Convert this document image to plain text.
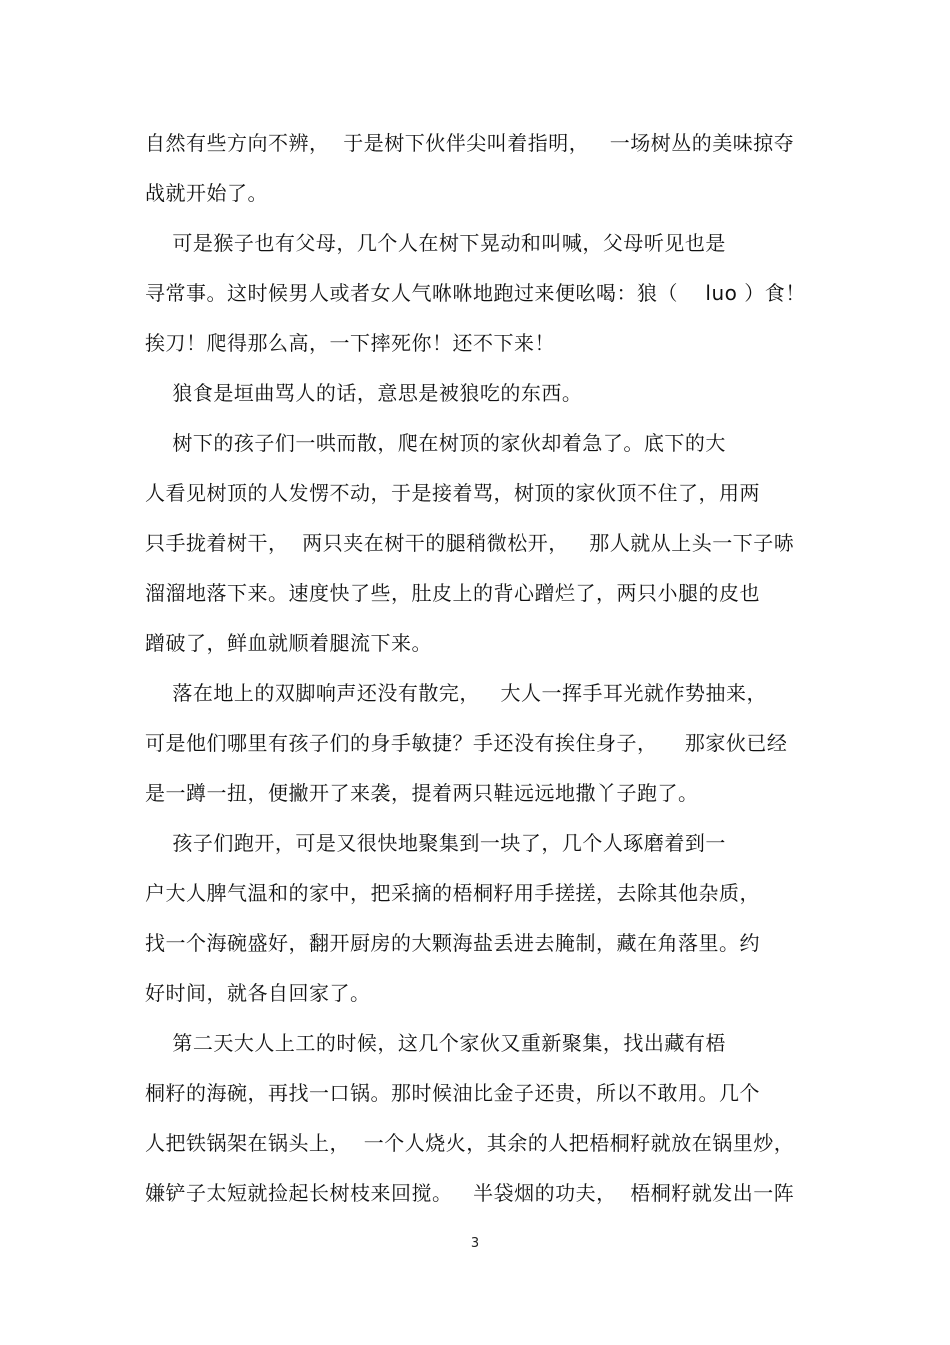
自然有些方向不辨，  于是树下伙伴尖叫着指明，   一场树丛的美味掠夺
战就开始了。
可是猴子也有父母，几个人在树下晃动和叫喊，父母听见也是
寻常事。这时候男人或者女人气咻咻地跑过来便吆喝：狼（    luo ）食！
挨刀！爬得那么高，一下摔死你！还不下来！
狼食是垣曲骂人的话，意思是被狼吃的东西。
树下的孩子们一哄而散，爬在树顶的家伙却着急了。底下的大
人看见树顶的人发愣不动，于是接着骂，树顶的家伙顶不住了，用两
只手拢着树干，  两只夹在树干的腿稍微松开，   那人就从上头一下子哧
溜溜地落下来。速度快了些，肚皮上的背心蹭烂了，两只小腿的皮也
蹭破了，鲜血就顺着腿流下来。
落在地上的双脚响声还没有散完，   大人一挥手耳光就作势抽来，
可是他们哪里有孩子们的身手敏捷？手还没有挨住身子，    那家伙已经
是一蹲一扭，便撇开了来袭，提着两只鞋远远地撒丫子跑了。
孩子们跑开，可是又很快地聚集到一块了，几个人琢磨着到一
户大人脾气温和的家中，把采摘的梧桐籽用手搓搓，去除其他杂质，
找一个海碗盛好，翻开厨房的大颗海盐丢进去腌制，藏在角落里。约
好时间，就各自回家了。
第二天大人上工的时候，这几个家伙又重新聚集，找出藏有梧
桐籽的海碗，再找一口锅。那时候油比金子还贵，所以不敢用。几个
人把铁锅架在锅头上，  一个人烧火，其余的人把梧桐籽就放在锅里炒，
嫌铲子太短就捡起长树枝来回搅。   半袋烟的功夫，  梧桐籽就发出一阵
3
